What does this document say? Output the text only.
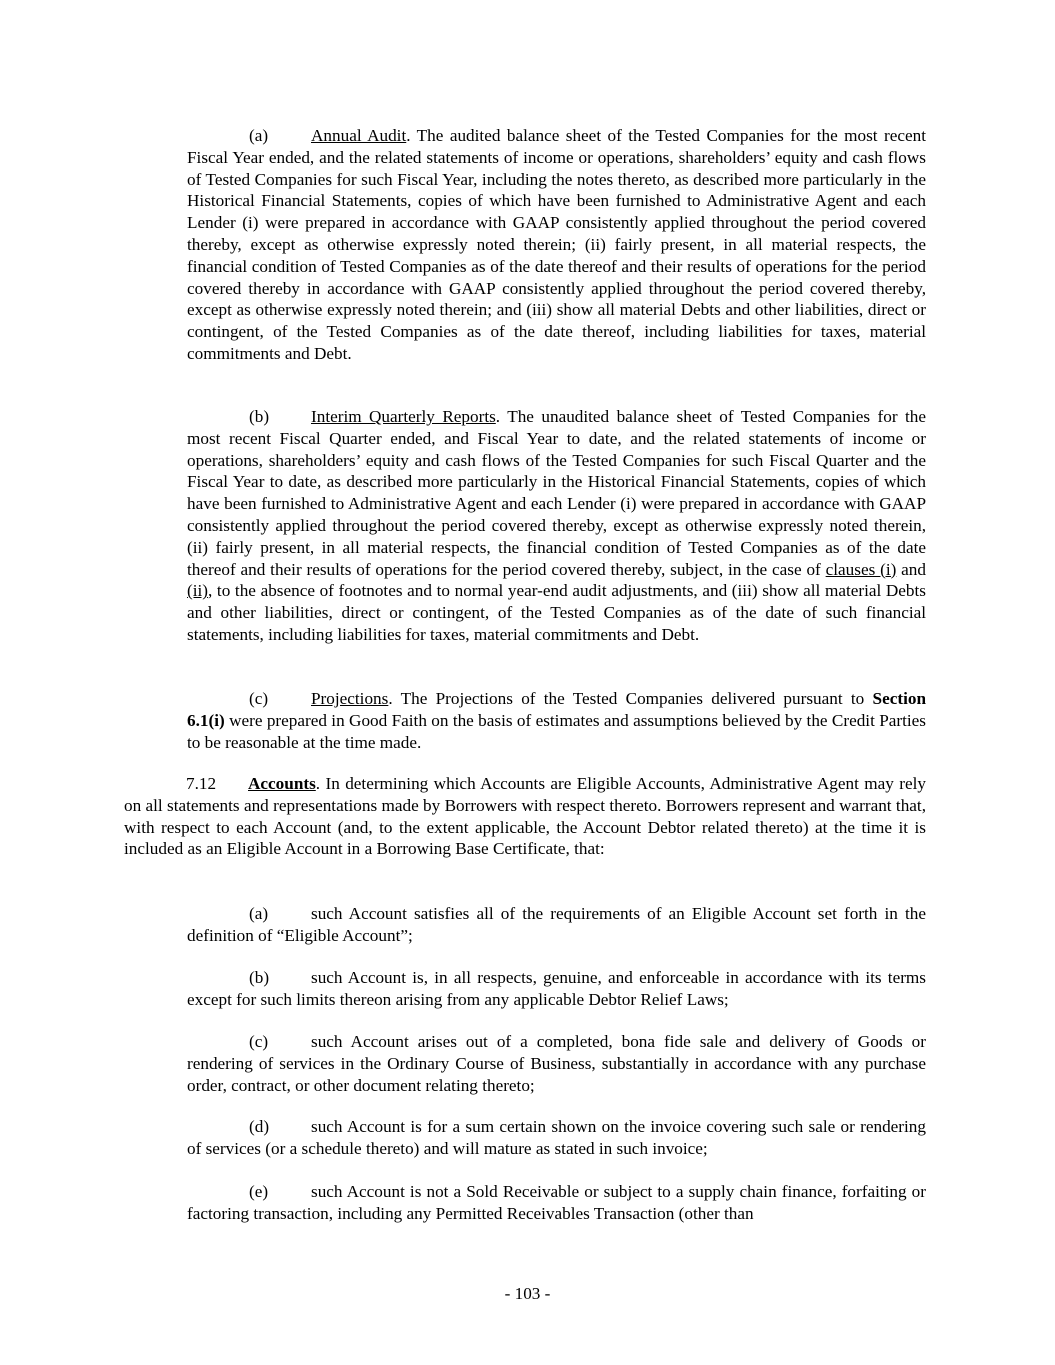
(a) Annual Audit. The audited balance sheet of the Tested Companies for the most recent Fiscal Year ended, and the related statements of income or operations, shareholders’ equity and cash flows of Tested Companies for such Fiscal Year, including the notes thereto, as described more particularly in the Historical Financial Statements, copies of which have been furnished to Administrative Agent and each Lender (i) were prepared in accordance with GAAP consistently applied throughout the period covered thereby, except as otherwise expressly noted therein; (ii) fairly present, in all material respects, the financial condition of Tested Companies as of the date thereof and their results of operations for the period covered thereby in accordance with GAAP consistently applied throughout the period covered thereby, except as otherwise expressly noted therein; and (iii) show all material Debts and other liabilities, direct or contingent, of the Tested Companies as of the date thereof, including liabilities for taxes, material commitments and Debt.

(b) Interim Quarterly Reports. The unaudited balance sheet of Tested Companies for the most recent Fiscal Quarter ended, and Fiscal Year to date, and the related statements of income or operations, shareholders’ equity and cash flows of the Tested Companies for such Fiscal Quarter and the Fiscal Year to date, as described more particularly in the Historical Financial Statements, copies of which have been furnished to Administrative Agent and each Lender (i) were prepared in accordance with GAAP consistently applied throughout the period covered thereby, except as otherwise expressly noted therein, (ii) fairly present, in all material respects, the financial condition of Tested Companies as of the date thereof and their results of operations for the period covered thereby, subject, in the case of clauses (i) and (ii), to the absence of footnotes and to normal year-end audit adjustments, and (iii) show all material Debts and other liabilities, direct or contingent, of the Tested Companies as of the date of such financial statements, including liabilities for taxes, material commitments and Debt.

(c) Projections. The Projections of the Tested Companies delivered pursuant to Section 6.1(i) were prepared in Good Faith on the basis of estimates and assumptions believed by the Credit Parties to be reasonable at the time made.

7.12 Accounts. In determining which Accounts are Eligible Accounts, Administrative Agent may rely on all statements and representations made by Borrowers with respect thereto. Borrowers represent and warrant that, with respect to each Account (and, to the extent applicable, the Account Debtor related thereto) at the time it is included as an Eligible Account in a Borrowing Base Certificate, that:

(a) such Account satisfies all of the requirements of an Eligible Account set forth in the definition of “Eligible Account”;

(b) such Account is, in all respects, genuine, and enforceable in accordance with its terms except for such limits thereon arising from any applicable Debtor Relief Laws;

(c) such Account arises out of a completed, bona fide sale and delivery of Goods or rendering of services in the Ordinary Course of Business, substantially in accordance with any purchase order, contract, or other document relating thereto;

(d) such Account is for a sum certain shown on the invoice covering such sale or rendering of services (or a schedule thereto) and will mature as stated in such invoice;

(e) such Account is not a Sold Receivable or subject to a supply chain finance, forfaiting or factoring transaction, including any Permitted Receivables Transaction (other than

- 103 -
